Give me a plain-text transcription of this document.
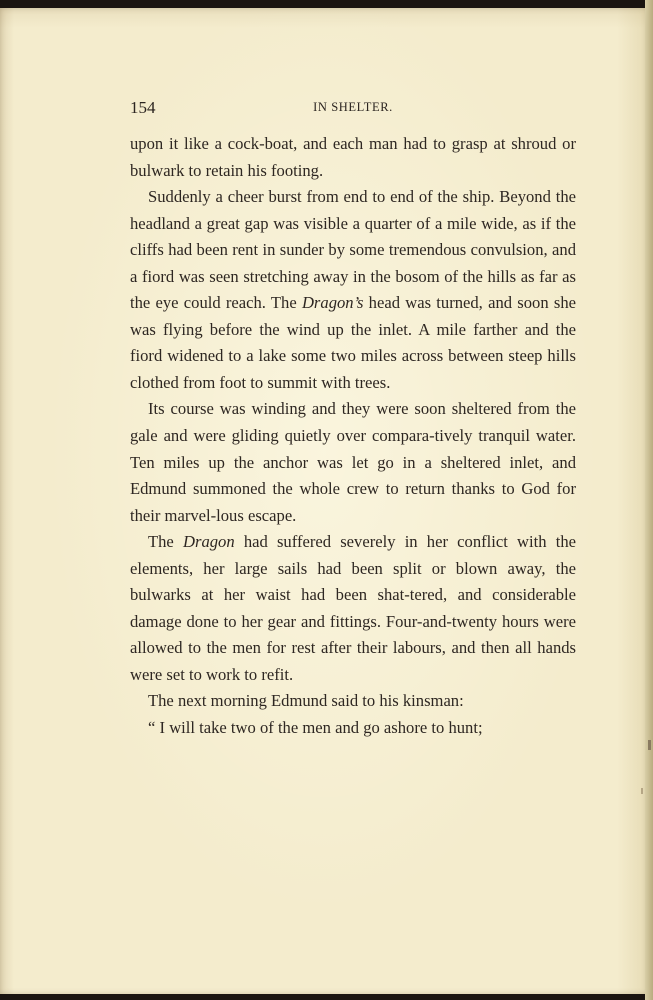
154	IN SHELTER.

upon it like a cock-boat, and each man had to grasp at shroud or bulwark to retain his footing.

Suddenly a cheer burst from end to end of the ship. Beyond the headland a great gap was visible a quarter of a mile wide, as if the cliffs had been rent in sunder by some tremendous convulsion, and a fiord was seen stretching away in the bosom of the hills as far as the eye could reach. The Dragon’s head was turned, and soon she was flying before the wind up the inlet. A mile farther and the fiord widened to a lake some two miles across between steep hills clothed from foot to summit with trees.

Its course was winding and they were soon sheltered from the gale and were gliding quietly over compara-tively tranquil water. Ten miles up the anchor was let go in a sheltered inlet, and Edmund summoned the whole crew to return thanks to God for their marvel-lous escape.

The Dragon had suffered severely in her conflict with the elements, her large sails had been split or blown away, the bulwarks at her waist had been shat-tered, and considerable damage done to her gear and fittings. Four-and-twenty hours were allowed to the men for rest after their labours, and then all hands were set to work to refit.

The next morning Edmund said to his kinsman:

“ I will take two of the men and go ashore to hunt;
